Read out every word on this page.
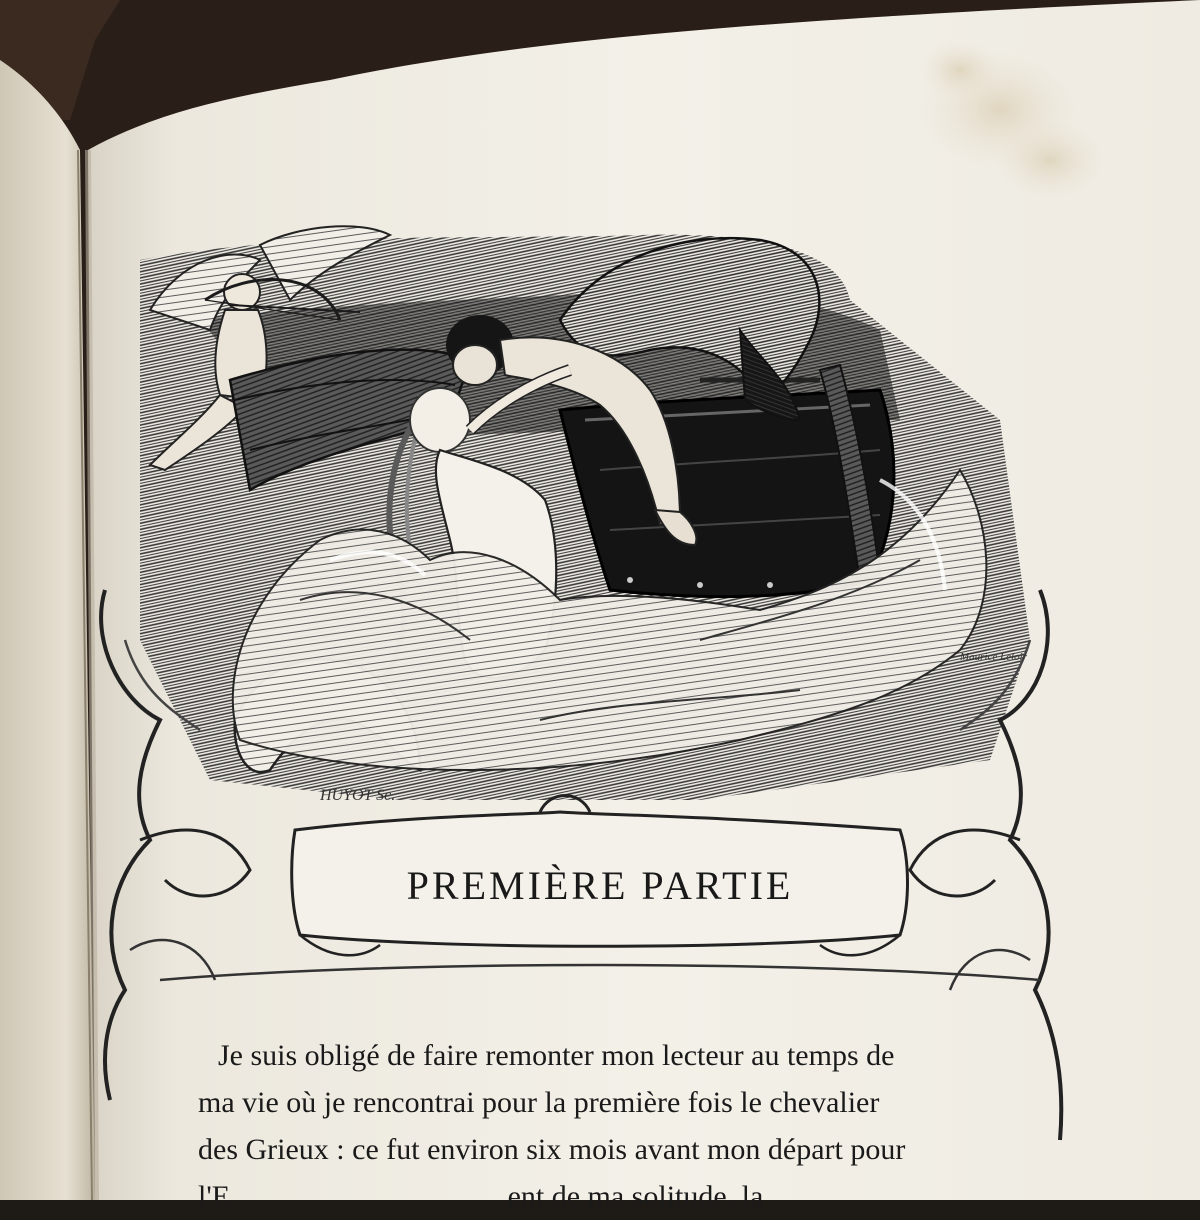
HUYOT Sc.
Maurice Leloir
PREMIÈRE PARTIE
Je suis obligé de faire remonter mon lecteur au temps de
ma vie où je rencontrai pour la première fois le chevalier
des Grieux : ce fut environ six mois avant mon départ pour
l'E                                     ent de ma solitude, la
